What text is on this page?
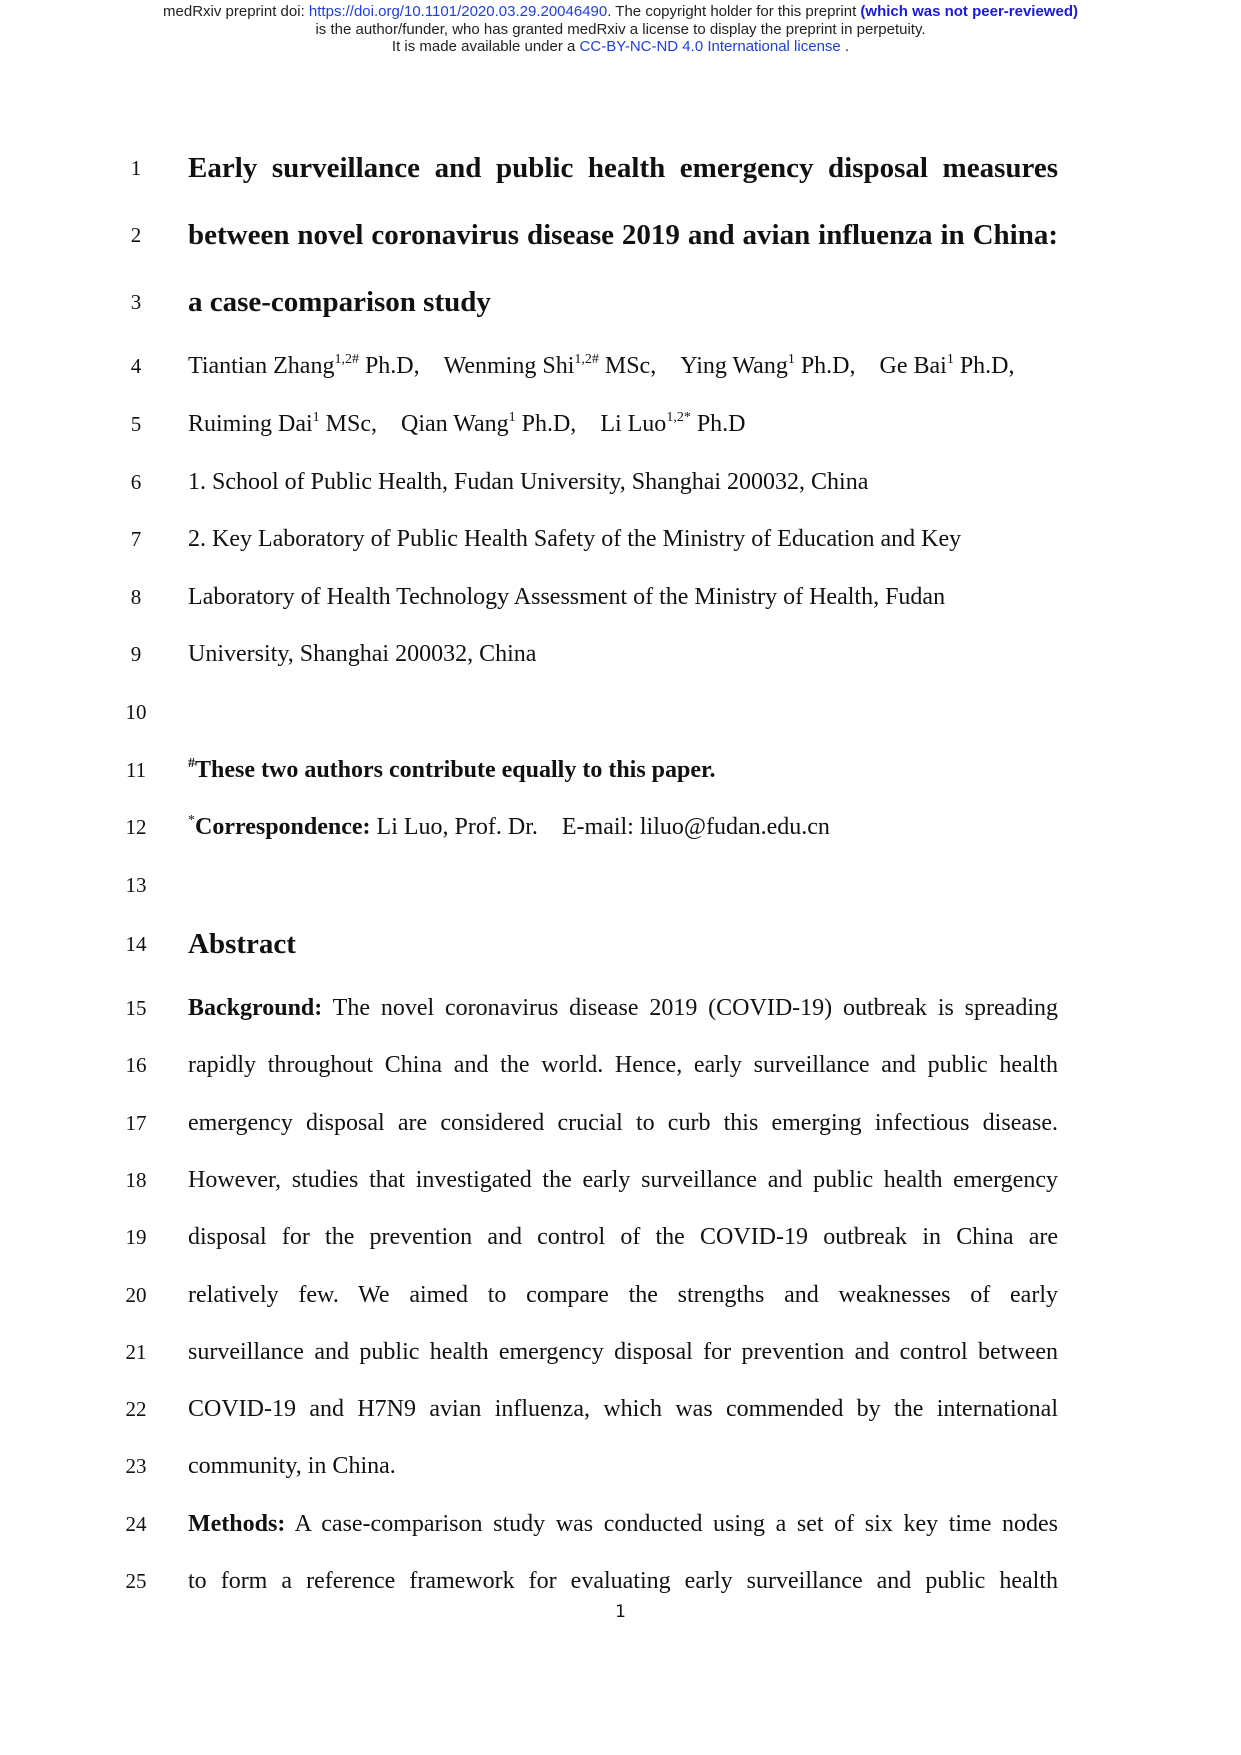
medRxiv preprint doi: https://doi.org/10.1101/2020.03.29.20046490. The copyright holder for this preprint (which was not peer-reviewed)
is the author/funder, who has granted medRxiv a license to display the preprint in perpetuity.
It is made available under a CC-BY-NC-ND 4.0 International license .
1	Early surveillance and public health emergency disposal measures
2	between novel coronavirus disease 2019 and avian influenza in China:
3	a case-comparison study
4	Tiantian Zhang$^{1,2\#}$ Ph.D, Wenming Shi$^{1,2\#}$ MSc, Ying Wang$^1$ Ph.D, Ge Bai$^1$ Ph.D,
5	Ruiming Dai$^1$ MSc, Qian Wang$^1$ Ph.D, Li Luo$^{1,2*}$ Ph.D
6	1. School of Public Health, Fudan University, Shanghai 200032, China
7	2. Key Laboratory of Public Health Safety of the Ministry of Education and Key
8	Laboratory of Health Technology Assessment of the Ministry of Health, Fudan
9	University, Shanghai 200032, China
10
11	#These two authors contribute equally to this paper.
12	*Correspondence: Li Luo, Prof. Dr. E-mail: liluo@fudan.edu.cn
13
14 Abstract
15 Background: The novel coronavirus disease 2019 (COVID-19) outbreak is spreading
16 rapidly throughout China and the world. Hence, early surveillance and public health
17 emergency disposal are considered crucial to curb this emerging infectious disease.
18 However, studies that investigated the early surveillance and public health emergency
19 disposal for the prevention and control of the COVID-19 outbreak in China are
20 relatively few. We aimed to compare the strengths and weaknesses of early
21 surveillance and public health emergency disposal for prevention and control between
22 COVID-19 and H7N9 avian influenza, which was commended by the international
23 community, in China.
24 Methods: A case-comparison study was conducted using a set of six key time nodes
25 to form a reference framework for evaluating early surveillance and public health
1
